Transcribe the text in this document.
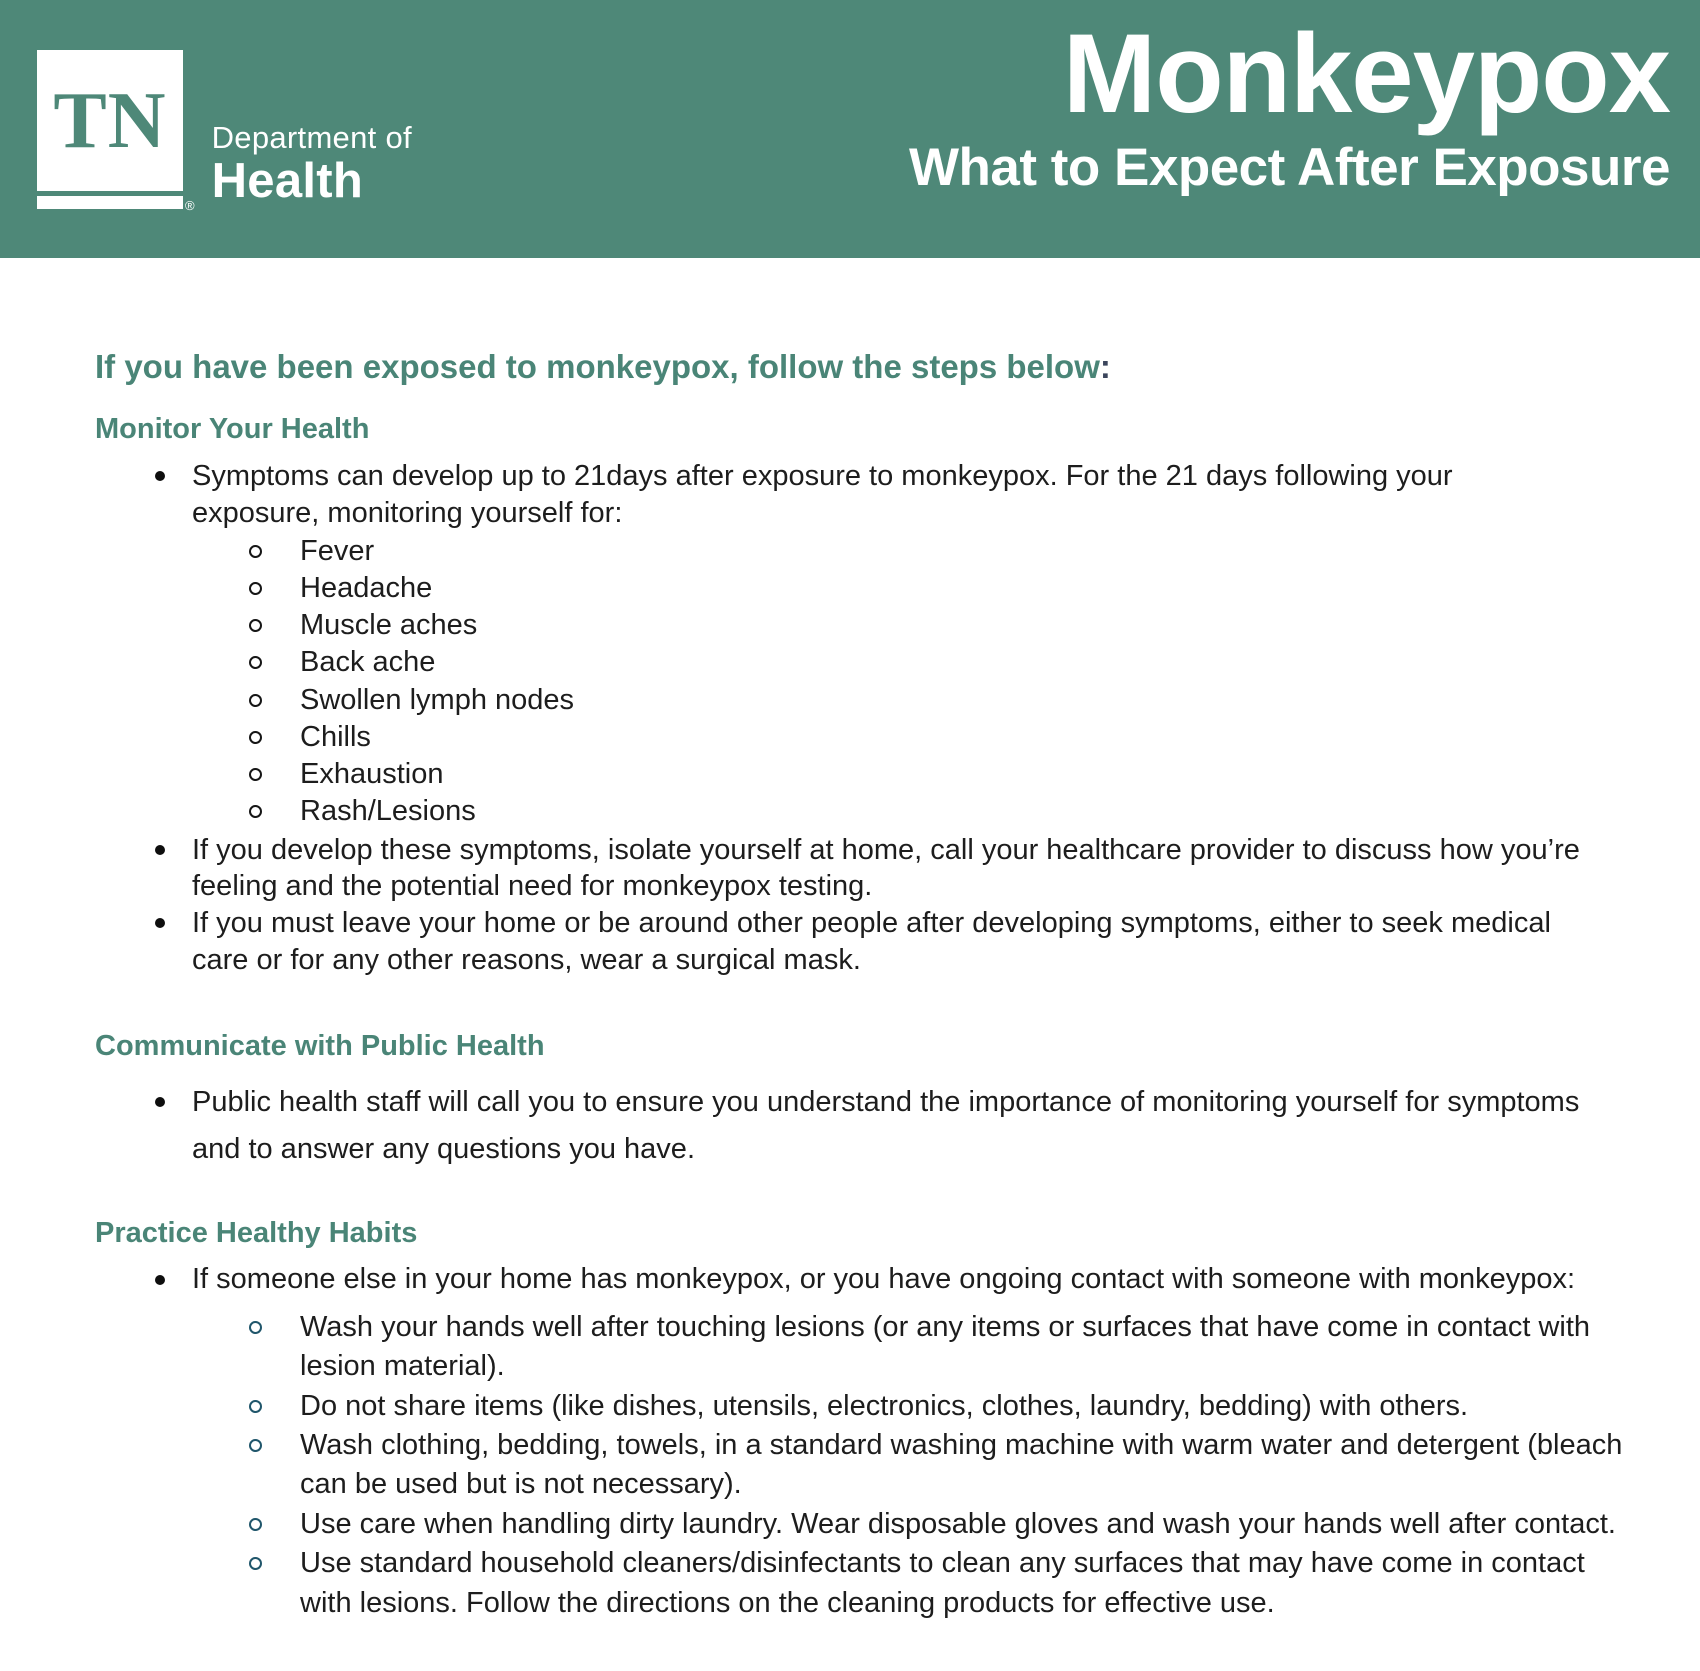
TN
®
Department of
Health
Monkeypox
What to Expect After Exposure
If you have been exposed to monkeypox, follow the steps below:
Monitor Your Health
Symptoms can develop up to 21days after exposure to monkeypox. For the 21 days following your exposure, monitoring yourself for:
Fever
Headache
Muscle aches
Back ache
Swollen lymph nodes
Chills
Exhaustion
Rash/Lesions
If you develop these symptoms, isolate yourself at home, call your healthcare provider to discuss how you’re feeling and the potential need for monkeypox testing.
If you must leave your home or be around other people after developing symptoms, either to seek medical care or for any other reasons, wear a surgical mask.
Communicate with Public Health
Public health staff will call you to ensure you understand the importance of monitoring yourself for symptoms and to answer any questions you have.
Practice Healthy Habits
If someone else in your home has monkeypox, or you have ongoing contact with someone with monkeypox:
Wash your hands well after touching lesions (or any items or surfaces that have come in contact with lesion material).
Do not share items (like dishes, utensils, electronics, clothes, laundry, bedding) with others.
Wash clothing, bedding, towels, in a standard washing machine with warm water and detergent (bleach can be used but is not necessary).
Use care when handling dirty laundry. Wear disposable gloves and wash your hands well after contact.
Use standard household cleaners/disinfectants to clean any surfaces that may have come in contact with lesions. Follow the directions on the cleaning products for effective use.
